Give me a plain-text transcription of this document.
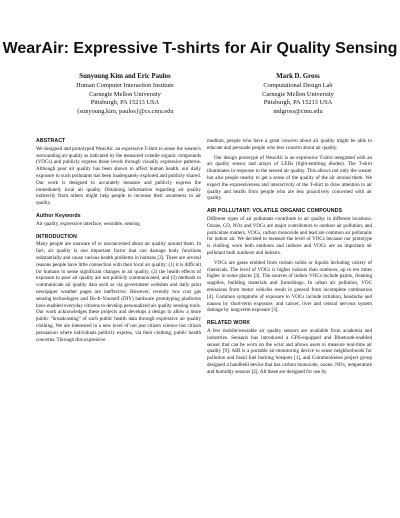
WearAir: Expressive T-shirts for Air Quality Sensing
Sunyoung Kim and Eric Paulos
Human Computer Interaction Institute
Carnegie Mellon University
Pittsburgh, PA 15213 USA
{sunyoung.kim, paulos}@cs.cmu.edu
Mark D. Gross
Computational Design Lab
Carnegie Mellon University
Pittsburgh, PA 15213 USA
mdgross@cmu.edu
ABSTRACT

We designed and prototyped WearAir, an expressive T-shirt to sense the wearer's surrounding air quality as indicated by the measured volatile organic compounds (VOCs) and publicly express those levels through visually expressive patterns. Although poor air quality has been shown to affect human health, our daily exposure to such pollutants has been inadequately explored and publicly shared. Our work is designed to accurately measure and publicly express the immediately local air quality. Obtaining information regarding air quality indirectly from others might help people to increase their awareness to air quality.

Author Keywords

Air quality, expressive interface, wearable, sensing

INTRODUCTION

Many people are unaware of or unconcerned about air quality around them. In fact, air quality is one important factor that can damage body functions substantially and cause various health problems in humans [3]. There are several reasons people have little connection with their local air quality: (1) it is difficult for humans to sense significant changes in air quality, (2) the health effects of exposure to poor air quality are not publicly communicated, and (3) methods to communicate air quality data such as via government websites and daily print newspaper weather pages are ineffective. However, recently low cost gas sensing technologies and Do-It-Yourself (DIY) hardware prototyping platforms have enabled everyday citizens to develop personalized air quality sensing tools. Our work acknowledges these projects and develops a design to allow a more public "broadcasting" of such public health data through expressive air quality clothing. We are interested in a new level of not just citizen science but citizen persuasion where individuals publicly express, via their clothing, public health concerns. Through this expressive

medium, people who have a great concern about air quality might be able to educate and persuade people who less concern about air quality.

Our design prototype of WearAir is an expressive T-shirt integrated with an air quality sensor and arrays of LEDs (light-emitting diodes). The T-shirt illuminates in response to the sensed air quality. This allows not only the wearer but also people nearby to get a sense of the quality of the air around them. We expect the expressiveness and interactivity of the T-shirt to draw attention to air quality and health from people who are less proactively concerned with air quality.

AIR POLLUTANT: VOLATILE ORGANIC COMPOUNDS

Different types of air pollutants contribute to air quality in different locations: Ozone, CO, NOx and VOCs are major contributors to outdoor air pollution; and particulate matters, VOCs, carbon monoxide and lead are common air pollutants for indoor air. We decided to measure the level of VOCs because our prototype is clothing worn both outdoors and indoors and VOCs are an important air pollutant both outdoors and indoors.

VOCs are gases emitted from certain solids or liquids including variety of chemicals. The level of VOCs is higher indoors than outdoors, up to ten times higher in some places [3]. The sources of indoor VOCs include paints, cleaning supplies, building materials and furnishings. In urban air pollution, VOC emissions from motor vehicles result in general from incomplete combustion [4]. Common symptoms of exposure to VOCs include irritation, headache and nausea by short-term exposure, and cancer, liver and central nervous system damage by long-term exposure [3].

RELATED WORK

A few mobile/wearable air quality sensors are available from academia and industries. Sensaris has introduced a GPS-equipped and Bluetooth-enabled sensor that can be worn on the wrist and allows users to measure real-time air quality [9]. AIR is a portable air-monitoring device to sense neighborhoods for pollution and fossil fuel burning hotspots [1], and CommonSense project group designed a handheld device that has carbon monoxide, ozone, NOx, temperature and humidity sensors [2]. All these are designed for use by
